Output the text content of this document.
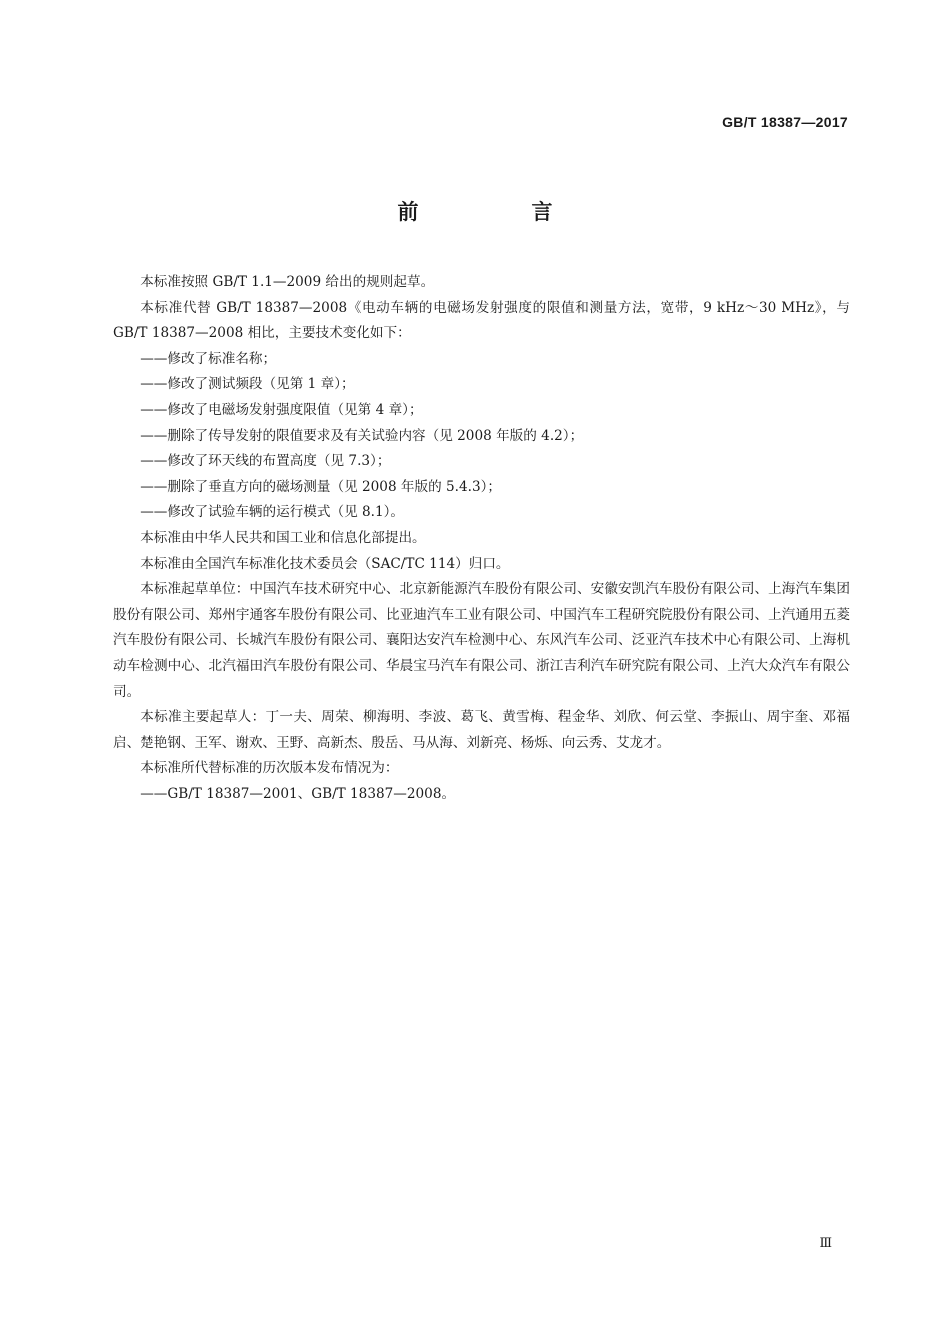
GB/T 18387—2017
前　言

本标准按照 GB/T 1.1—2009 给出的规则起草。

本标准代替 GB/T 18387—2008《电动车辆的电磁场发射强度的限值和测量方法，宽带，9 kHz～30 MHz》，与 GB/T 18387—2008 相比，主要技术变化如下：

——修改了标准名称；

——修改了测试频段（见第 1 章）；

——修改了电磁场发射强度限值（见第 4 章）；

——删除了传导发射的限值要求及有关试验内容（见 2008 年版的 4.2）；

——修改了环天线的布置高度（见 7.3）；

——删除了垂直方向的磁场测量（见 2008 年版的 5.4.3）；

——修改了试验车辆的运行模式（见 8.1）。

本标准由中华人民共和国工业和信息化部提出。

本标准由全国汽车标准化技术委员会（SAC/TC 114）归口。

本标准起草单位：中国汽车技术研究中心、北京新能源汽车股份有限公司、安徽安凯汽车股份有限公司、上海汽车集团股份有限公司、郑州宇通客车股份有限公司、比亚迪汽车工业有限公司、中国汽车工程研究院股份有限公司、上汽通用五菱汽车股份有限公司、长城汽车股份有限公司、襄阳达安汽车检测中心、东风汽车公司、泛亚汽车技术中心有限公司、上海机动车检测中心、北汽福田汽车股份有限公司、华晨宝马汽车有限公司、浙江吉利汽车研究院有限公司、上汽大众汽车有限公司。

本标准主要起草人：丁一夫、周荣、柳海明、李波、葛飞、黄雪梅、程金华、刘欣、何云堂、李振山、周宇奎、邓福启、楚艳钢、王军、谢欢、王野、高新杰、殷岳、马从海、刘新亮、杨烁、向云秀、艾龙才。

本标准所代替标准的历次版本发布情况为：

——GB/T 18387—2001、GB/T 18387—2008。

Ⅲ
